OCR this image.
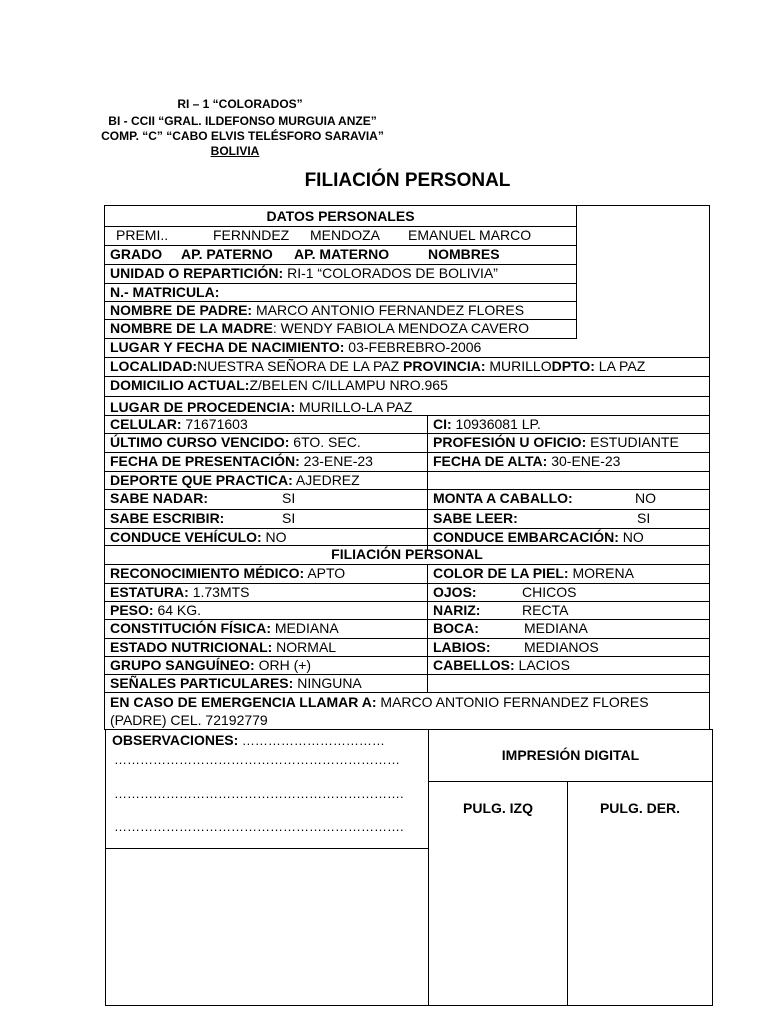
RI – 1 “COLORADOS”
BI - CCII “GRAL. ILDEFONSO MURGUIA ANZE”
COMP. “C” “CABO ELVIS TELÉSFORO SARAVIA”
BOLIVIA
FILIACIÓN PERSONAL
DATOS PERSONALES
PREMI..	FERNNDEZ	MENDOZA	EMANUEL MARCO
GRADO	AP. PATERNO	AP. MATERNO	NOMBRES
UNIDAD O REPARTICIÓN: RI-1 “COLORADOS DE BOLIVIA”
N.- MATRICULA:
NOMBRE DE PADRE: MARCO ANTONIO FERNANDEZ FLORES
NOMBRE DE LA MADRE: WENDY FABIOLA MENDOZA CAVERO
LUGAR Y FECHA DE NACIMIENTO: 03-FEBREBRO-2006
LOCALIDAD:NUESTRA SEÑORA DE LA PAZ PROVINCIA: MURILLODPTO: LA PAZ
DOMICILIO ACTUAL:Z/BELEN C/ILLAMPU NRO.965
LUGAR DE PROCEDENCIA: MURILLO-LA PAZ
CELULAR: 71671603	CI: 10936081 LP.
ÚLTIMO CURSO VENCIDO: 6TO. SEC.	PROFESIÓN U OFICIO: ESTUDIANTE
FECHA DE PRESENTACIÓN: 23-ENE-23	FECHA DE ALTA: 30-ENE-23
DEPORTE QUE PRACTICA: AJEDREZ
SABE NADAR:	SI	MONTA A CABALLO:	NO
SABE ESCRIBIR:	SI	SABE LEER:	SI
CONDUCE VEHÍCULO: NO	CONDUCE EMBARCACIÓN: NO
FILIACIÓN PERSONAL
RECONOCIMIENTO MÉDICO: APTO	COLOR DE LA PIEL: MORENA
ESTATURA: 1.73MTS	OJOS:	CHICOS
PESO: 64 KG.	NARIZ:	RECTA
CONSTITUCIÓN FÍSICA: MEDIANA	BOCA:	MEDIANA
ESTADO NUTRICIONAL: NORMAL	LABIOS:	MEDIANOS
GRUPO SANGUÍNEO: ORH (+)	CABELLOS: LACIOS
SEÑALES PARTICULARES: NINGUNA
EN CASO DE EMERGENCIA LLAMAR A: MARCO ANTONIO FERNANDEZ FLORES
(PADRE) CEL. 72192779
OBSERVACIONES: ……………………………
…………………………………………………………
………………………………………………………….
………………………………………………………….
IMPRESIÓN DIGITAL
PULG. IZQ	PULG. DER.
